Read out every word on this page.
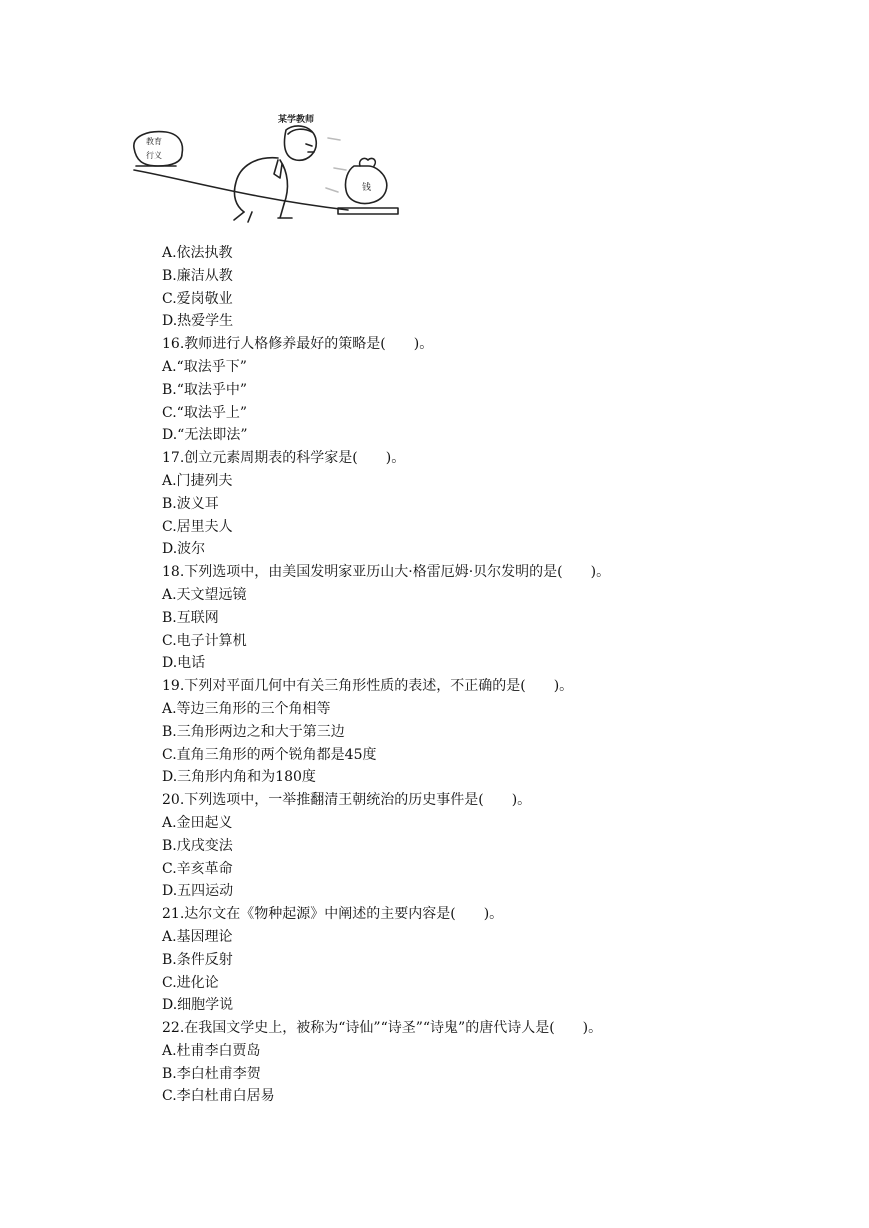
某学教师
教育
行义
钱
A.依法执教
B.廉洁从教
C.爱岗敬业
D.热爱学生
16.教师进行人格修养最好的策略是(　　)。
A.“取法乎下”
B.“取法乎中”
C.“取法乎上”
D.“无法即法”
17.创立元素周期表的科学家是(　　)。
A.门捷列夫
B.波义耳
C.居里夫人
D.波尔
18.下列选项中，由美国发明家亚历山大·格雷厄姆·贝尔发明的是(　　)。
A.天文望远镜
B.互联网
C.电子计算机
D.电话
19.下列对平面几何中有关三角形性质的表述，不正确的是(　　)。
A.等边三角形的三个角相等
B.三角形两边之和大于第三边
C.直角三角形的两个锐角都是45度
D.三角形内角和为180度
20.下列选项中，一举推翻清王朝统治的历史事件是(　　)。
A.金田起义
B.戊戌变法
C.辛亥革命
D.五四运动
21.达尔文在《物种起源》中阐述的主要内容是(　　)。
A.基因理论
B.条件反射
C.进化论
D.细胞学说
22.在我国文学史上，被称为“诗仙”“诗圣”“诗鬼”的唐代诗人是(　　)。
A.杜甫李白贾岛
B.李白杜甫李贺
C.李白杜甫白居易
